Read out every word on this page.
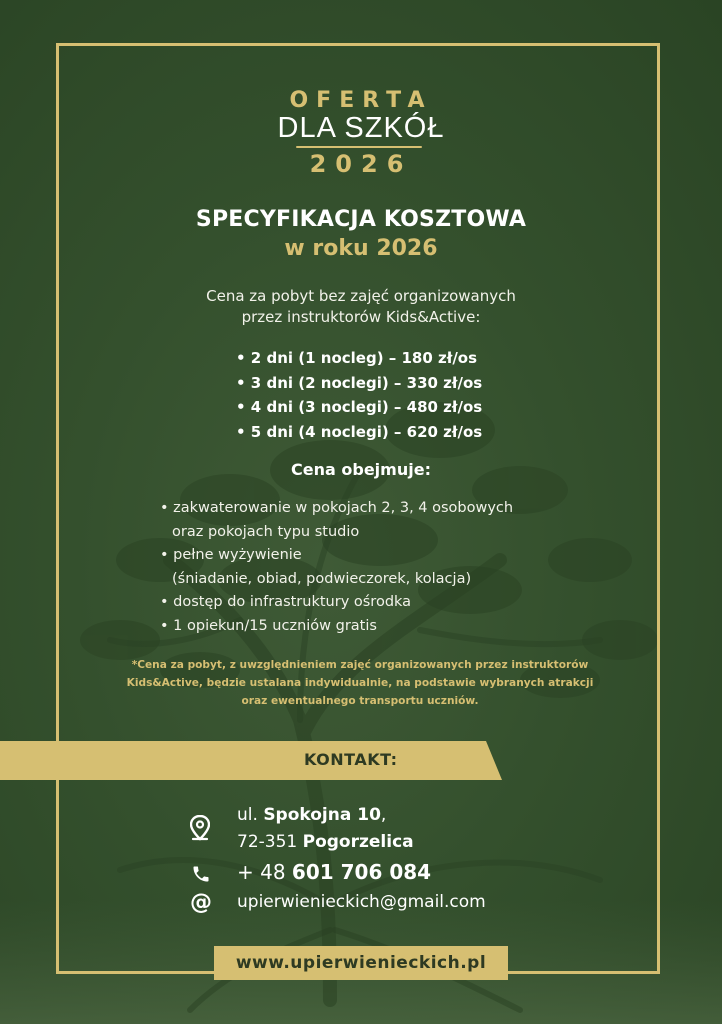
OFERTA
DLA SZKÓŁ
2026
SPECYFIKACJA KOSZTOWA
w roku 2026
Cena za pobyt bez zajęć organizowanych
przez instruktorów Kids&Active:
• 2 dni (1 nocleg) – 180 zł/os
• 3 dni (2 noclegi) – 330 zł/os
• 4 dni (3 noclegi) – 480 zł/os
• 5 dni (4 noclegi) – 620 zł/os
Cena obejmuje:
• zakwaterowanie w pokojach 2, 3, 4 osobowych
oraz pokojach typu studio
• pełne wyżywienie
(śniadanie, obiad, podwieczorek, kolacja)
• dostęp do infrastruktury ośrodka
• 1 opiekun/15 uczniów gratis
*Cena za pobyt, z uwzględnieniem zajęć organizowanych przez instruktorów
Kids&Active, będzie ustalana indywidualnie, na podstawie wybranych atrakcji
oraz ewentualnego transportu uczniów.
KONTAKT:
ul. Spokojna 10,
72-351 Pogorzelica
+ 48 601 706 084
@ upierwienieckich@gmail.com
www.upierwienieckich.pl
